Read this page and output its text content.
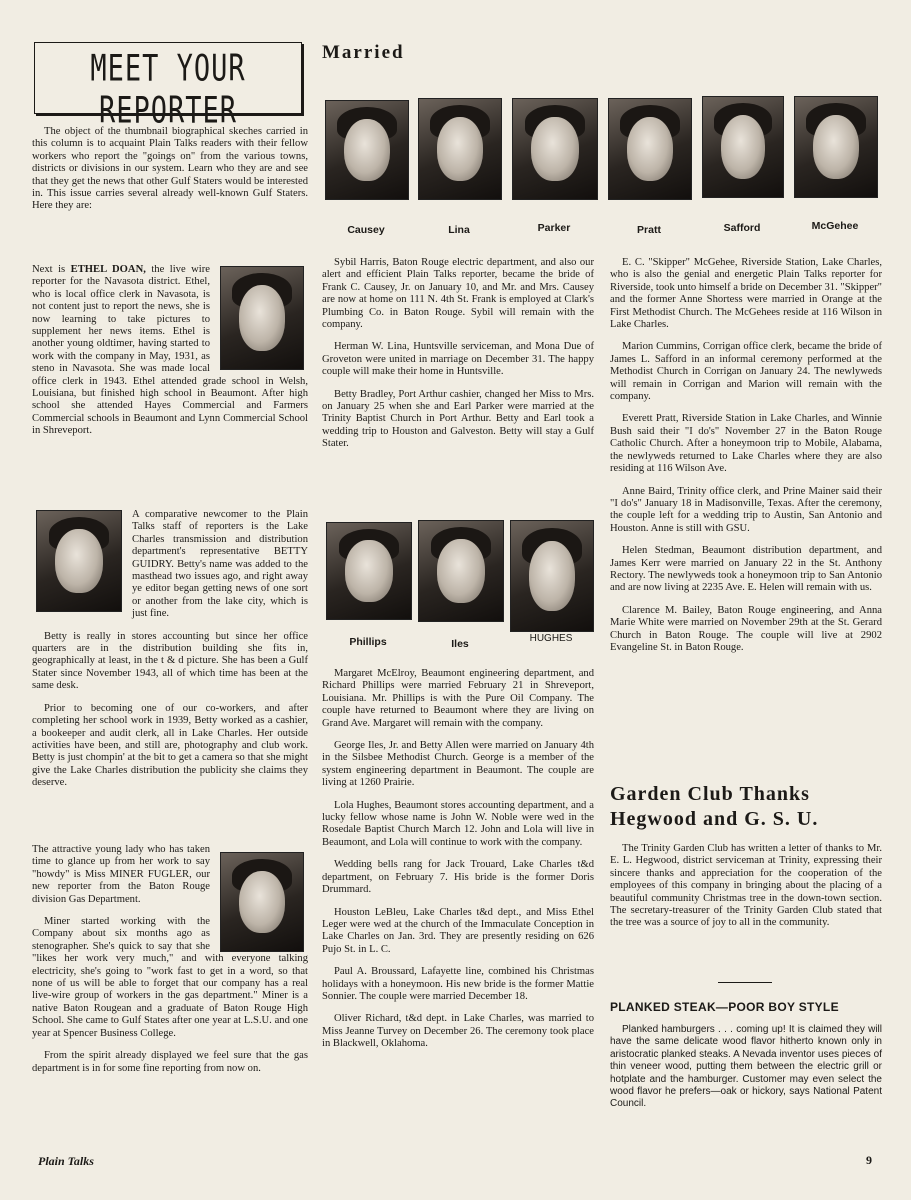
MEET YOUR REPORTER

The object of the thumbnail biographical skeches carried in this column is to acquaint Plain Talks readers with their fellow workers who report the "goings on" from the various towns, districts or divisions in our system. Learn who they are and see that they get the news that other Gulf Staters would be interested in. This issue carries several already well-known Gulf Staters. Here they are:

Next is ETHEL DOAN, the live wire reporter for the Navasota district. Ethel, who is local office clerk in Navasota, is not content just to report the news, she is now learning to take pictures to supplement her news items. Ethel is another young oldtimer, having started to work with the company in May, 1931, as steno in Navasota. She was made local office clerk in 1943. Ethel attended grade school in Welsh, Louisiana, but finished high school in Beaumont. After high school she attended Hayes Commercial and Farmers Commercial schools in Beaumont and Lynn Commercial School in Shreveport.

A comparative newcomer to the Plain Talks staff of reporters is the Lake Charles transmission and distribution department's representative BETTY GUIDRY. Betty's name was added to the masthead two issues ago, and right away ye editor began getting news of one sort or another from the lake city, which is just fine.

Betty is really in stores accounting but since her office quarters are in the distribution building she fits in, geographically at least, in the t & d picture. She has been a Gulf Stater since November 1943, all of which time has been at the same desk.

Prior to becoming one of our co-workers, and after completing her school work in 1939, Betty worked as a cashier, a bookeeper and audit clerk, all in Lake Charles. Her outside activities have been, and still are, photography and club work. Betty is just chompin' at the bit to get a camera so that she might give the Lake Charles distribution the publicity she claims they deserve.

The attractive young lady who has taken time to glance up from her work to say "howdy" is Miss MINER FUGLER, our new reporter from the Baton Rouge division Gas Department.

Miner started working with the Company about six months ago as stenographer. She's quick to say that she "likes her work very much," and with everyone talking electricity, she's going to "work fast to get in a word, so that none of us will be able to forget that our company has a real live-wire group of workers in the gas department." Miner is a native Baton Rougean and a graduate of Baton Rouge High School. She came to Gulf States after one year at L.S.U. and one year at Spencer Business College.

From the spirit already displayed we feel sure that the gas department is in for some fine reporting from now on.

Married
Causey	Lina	Parker	Pratt	Safford	McGehee

Sybil Harris, Baton Rouge electric department, and also our alert and efficient Plain Talks reporter, became the bride of Frank C. Causey, Jr. on January 10, and Mr. and Mrs. Causey are now at home on 111 N. 4th St. Frank is employed at Clark's Plumbing Co. in Baton Rouge. Sybil will remain with the company.

Herman W. Lina, Huntsville serviceman, and Mona Due of Groveton were united in marriage on December 31. The happy couple will make their home in Huntsville.

Betty Bradley, Port Arthur cashier, changed her Miss to Mrs. on January 25 when she and Earl Parker were married at the Trinity Baptist Church in Port Arthur. Betty and Earl took a wedding trip to Houston and Galveston. Betty will stay a Gulf Stater.

Phillips	Iles	HUGHES

Margaret McElroy, Beaumont engineering department, and Richard Phillips were married February 21 in Shreveport, Louisiana. Mr. Phillips is with the Pure Oil Company. The couple have returned to Beaumont where they are living on Grand Ave. Margaret will remain with the company.

George Iles, Jr. and Betty Allen were married on January 4th in the Silsbee Methodist Church. George is a member of the system engineering department in Beaumont. The couple are living at 1260 Prairie.

Lola Hughes, Beaumont stores accounting department, and a lucky fellow whose name is John W. Noble were wed in the Rosedale Baptist Church March 12. John and Lola will live in Beaumont, and Lola will continue to work with the company.

Wedding bells rang for Jack Trouard, Lake Charles t&d department, on February 7. His bride is the former Doris Drummard.

Houston LeBleu, Lake Charles t&d dept., and Miss Ethel Leger were wed at the church of the Immaculate Conception in Lake Charles on Jan. 3rd. They are presently residing on 626 Pujo St. in L. C.

Paul A. Broussard, Lafayette line, combined his Christmas holidays with a honeymoon. His new bride is the former Mattie Sonnier. The couple were married December 18.

Oliver Richard, t&d dept. in Lake Charles, was married to Miss Jeanne Turvey on December 26. The ceremony took place in Blackwell, Oklahoma.

E. C. "Skipper" McGehee, Riverside Station, Lake Charles, who is also the genial and energetic Plain Talks reporter for Riverside, took unto himself a bride on December 31. "Skipper" and the former Anne Shortess were married in Orange at the First Methodist Church. The McGehees reside at 116 Wilson in Lake Charles.

Marion Cummins, Corrigan office clerk, became the bride of James L. Safford in an informal ceremony performed at the Methodist Church in Corrigan on January 24. The newlyweds will remain in Corrigan and Marion will remain with the company.

Everett Pratt, Riverside Station in Lake Charles, and Winnie Bush said their "I do's" November 27 in the Baton Rouge Catholic Church. After a honeymoon trip to Mobile, Alabama, the newlyweds returned to Lake Charles where they are also residing at 116 Wilson Ave.

Anne Baird, Trinity office clerk, and Prine Mainer said their "I do's" January 18 in Madisonville, Texas. After the ceremony, the couple left for a wedding trip to Austin, San Antonio and Houston. Anne is still with GSU.

Helen Stedman, Beaumont distribution department, and James Kerr were married on January 22 in the St. Anthony Rectory. The newlyweds took a honeymoon trip to San Antonio and are now living at 2235 Ave. E. Helen will remain with us.

Clarence M. Bailey, Baton Rouge engineering, and Anna Marie White were married on November 29th at the St. Gerard Church in Baton Rouge. The couple will live at 2902 Evangeline St. in Baton Rouge.

Garden Club Thanks Hegwood and G. S. U.

The Trinity Garden Club has written a letter of thanks to Mr. E. L. Hegwood, district serviceman at Trinity, expressing their sincere thanks and appreciation for the cooperation of the employees of this company in bringing about the placing of a beautiful community Christmas tree in the down-town section. The secretary-treasurer of the Trinity Garden Club stated that the tree was a source of joy to all in the community.

PLANKED STEAK—POOR BOY STYLE

Planked hamburgers . . . coming up! It is claimed they will have the same delicate wood flavor hitherto known only in aristocratic planked steaks. A Nevada inventor uses pieces of thin veneer wood, putting them between the electric grill or hotplate and the hamburger. Customer may even select the wood flavor he prefers—oak or hickory, says National Patent Council.

Plain Talks	9
